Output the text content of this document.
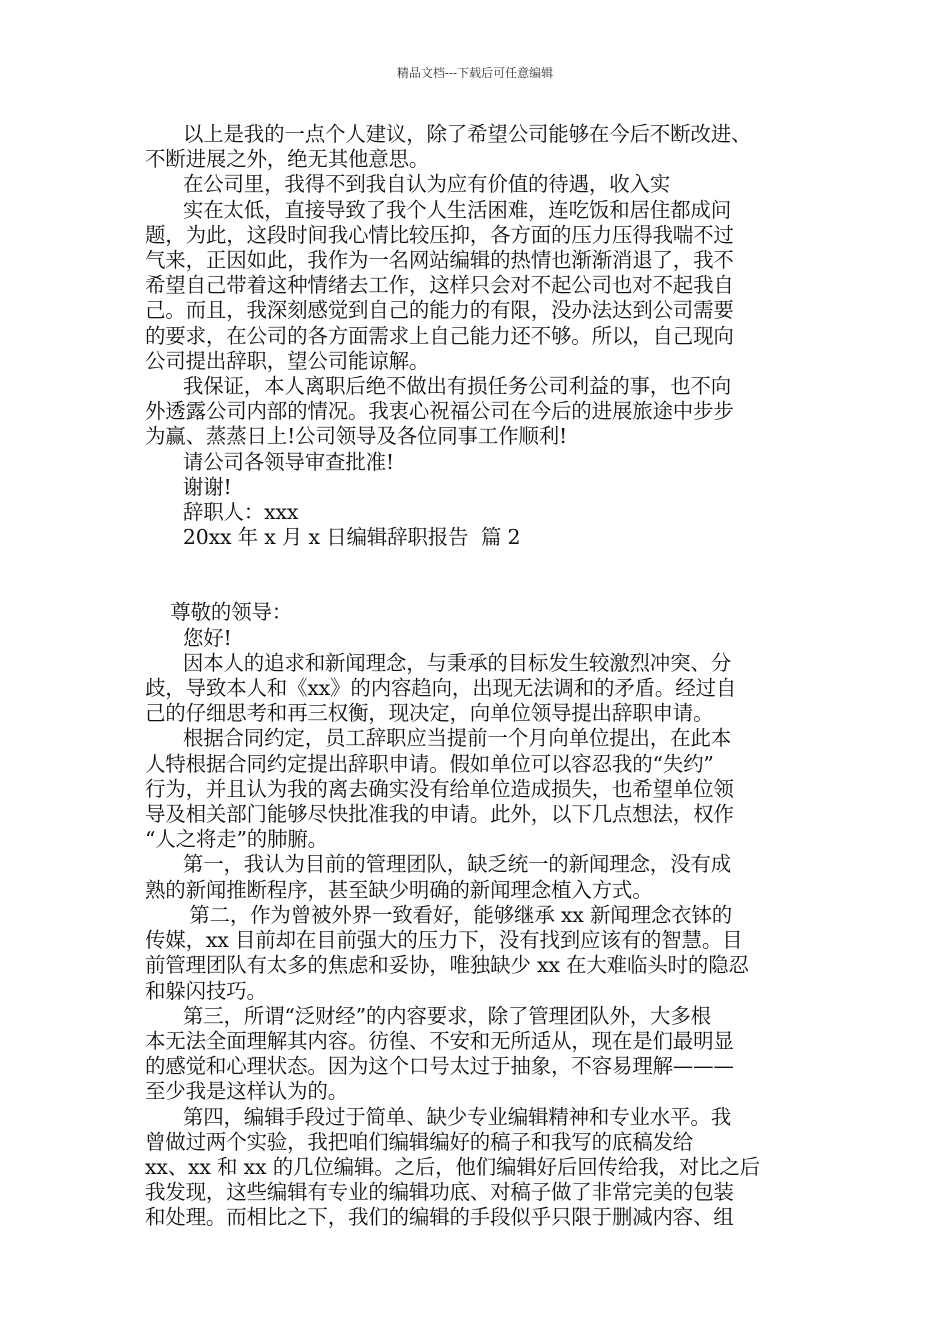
精品文档---下载后可任意编辑

以上是我的一点个人建议，除了希望公司能够在今后不断改进、

不断进展之外，绝无其他意思。

在公司里，我得不到我自认为应有价值的待遇，收入实

实在太低，直接导致了我个人生活困难，连吃饭和居住都成问

题，为此，这段时间我心情比较压抑，各方面的压力压得我喘不过

气来，正因如此，我作为一名网站编辑的热情也渐渐消退了，我不

希望自己带着这种情绪去工作，这样只会对不起公司也对不起我自

己。而且，我深刻感觉到自己的能力的有限，没办法达到公司需要

的要求，在公司的各方面需求上自己能力还不够。所以，自己现向

公司提出辞职，望公司能谅解。

我保证，本人离职后绝不做出有损任务公司利益的事，也不向

外透露公司内部的情况。我衷心祝福公司在今后的进展旅途中步步

为赢、蒸蒸日上!公司领导及各位同事工作顺利!

请公司各领导审查批准!

谢谢!

辞职人：xxx

20xx 年 x 月 x 日编辑辞职报告  篇 2

尊敬的领导：

您好!

因本人的追求和新闻理念，与秉承的目标发生较激烈冲突、分

歧，导致本人和《xx》的内容趋向，出现无法调和的矛盾。经过自

己的仔细思考和再三权衡，现决定，向单位领导提出辞职申请。

根据合同约定，员工辞职应当提前一个月向单位提出，在此本

人特根据合同约定提出辞职申请。假如单位可以容忍我的“失约”

行为，并且认为我的离去确实没有给单位造成损失，也希望单位领

导及相关部门能够尽快批准我的申请。此外，以下几点想法，权作

“人之将走”的肺腑。

第一，我认为目前的管理团队，缺乏统一的新闻理念，没有成

熟的新闻推断程序，甚至缺少明确的新闻理念植入方式。

第二，作为曾被外界一致看好，能够继承 xx 新闻理念衣钵的

传媒，xx 目前却在目前强大的压力下，没有找到应该有的智慧。目

前管理团队有太多的焦虑和妥协，唯独缺少 xx 在大难临头时的隐忍

和躲闪技巧。

第三，所谓“泛财经”的内容要求，除了管理团队外，大多根

本无法全面理解其内容。彷徨、不安和无所适从，现在是们最明显

的感觉和心理状态。因为这个口号太过于抽象，不容易理解———

至少我是这样认为的。

第四，编辑手段过于简单、缺少专业编辑精神和专业水平。我

曾做过两个实验，我把咱们编辑编好的稿子和我写的底稿发给

xx、xx 和 xx 的几位编辑。之后，他们编辑好后回传给我，对比之后

我发现，这些编辑有专业的编辑功底、对稿子做了非常完美的包装

和处理。而相比之下，我们的编辑的手段似乎只限于删减内容、组
